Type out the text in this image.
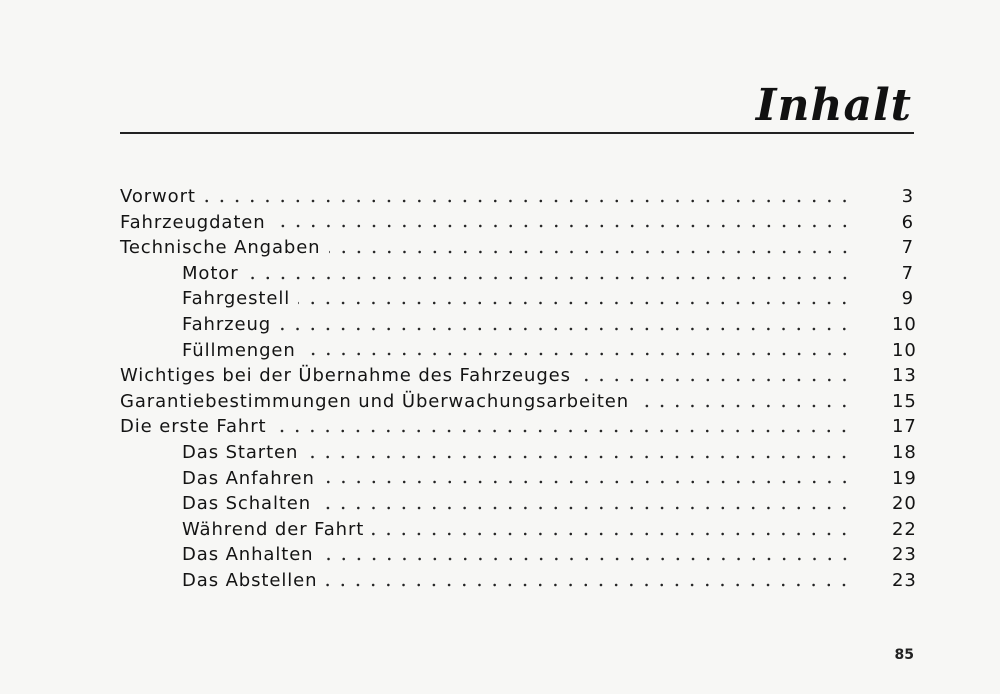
Inhalt
Vorwort	3
Fahrzeugdaten	6
Technische Angaben	7
Motor	7
Fahrgestell	9
Fahrzeug	10
Füllmengen	10
Wichtiges bei der Übernahme des Fahrzeuges	13
Garantiebestimmungen und Überwachungsarbeiten	15
Die erste Fahrt	17
Das Starten	18
Das Anfahren	19
Das Schalten	20
Während der Fahrt	22
Das Anhalten	23
Das Abstellen	23
85
